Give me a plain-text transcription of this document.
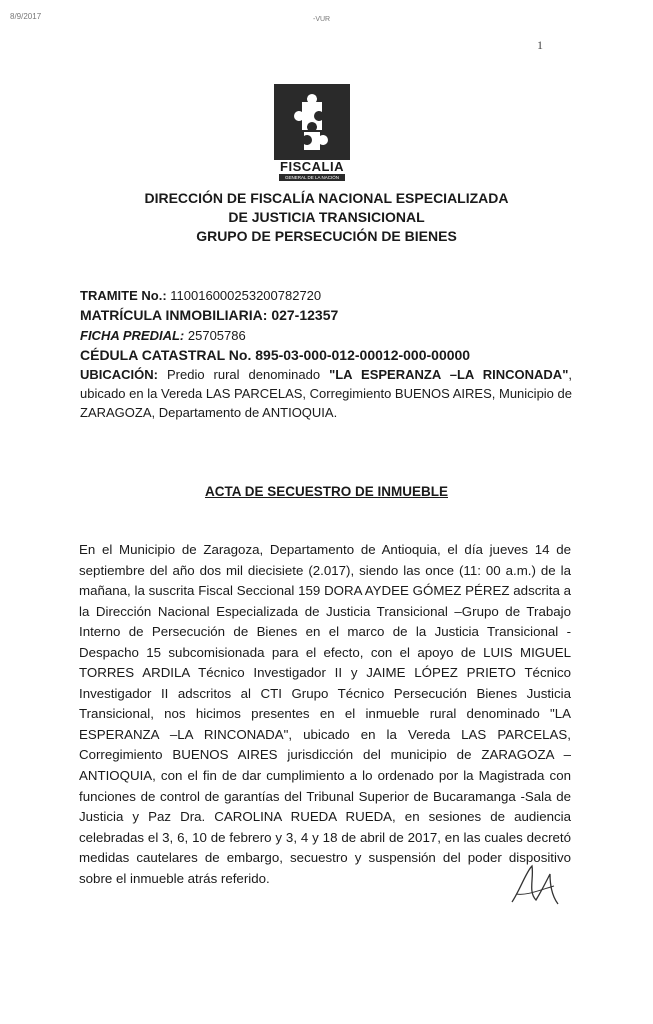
8/9/2017	-VUR
1
FISCALIA
GENERAL DE LA NACIÓN
DIRECCIÓN DE FISCALÍA NACIONAL ESPECIALIZADA
DE JUSTICIA TRANSICIONAL
GRUPO DE PERSECUCIÓN DE BIENES
TRAMITE No.: 110016000253200782720
MATRÍCULA INMOBILIARIA: 027-12357
FICHA PREDIAL: 25705786
CÉDULA CATASTRAL No. 895-03-000-012-00012-000-00000
UBICACIÓN: Predio rural denominado "LA ESPERANZA –LA RINCONADA", ubicado en la Vereda LAS PARCELAS, Corregimiento BUENOS AIRES, Municipio de ZARAGOZA, Departamento de ANTIOQUIA.
ACTA DE SECUESTRO DE INMUEBLE
En el Municipio de Zaragoza, Departamento de Antioquia, el día jueves 14 de septiembre del año dos mil diecisiete (2.017), siendo las once (11: 00 a.m.) de la mañana, la suscrita Fiscal Seccional 159 DORA AYDEE GÓMEZ PÉREZ adscrita a la Dirección Nacional Especializada de Justicia Transicional –Grupo de Trabajo Interno de Persecución de Bienes en el marco de la Justicia Transicional -Despacho 15 subcomisionada para el efecto, con el apoyo de LUIS MIGUEL TORRES ARDILA Técnico Investigador II y JAIME LÓPEZ PRIETO Técnico Investigador II adscritos al CTI Grupo Técnico Persecución Bienes Justicia Transicional, nos hicimos presentes en el inmueble rural denominado "LA ESPERANZA –LA RINCONADA", ubicado en la Vereda LAS PARCELAS, Corregimiento BUENOS AIRES jurisdicción del municipio de ZARAGOZA –ANTIOQUIA, con el fin de dar cumplimiento a lo ordenado por la Magistrada con funciones de control de garantías del Tribunal Superior de Bucaramanga -Sala de Justicia y Paz Dra. CAROLINA RUEDA RUEDA, en sesiones de audiencia celebradas el 3, 6, 10 de febrero y 3, 4 y 18 de abril de 2017, en las cuales decretó medidas cautelares de embargo, secuestro y suspensión del poder dispositivo sobre el inmueble atrás referido.
